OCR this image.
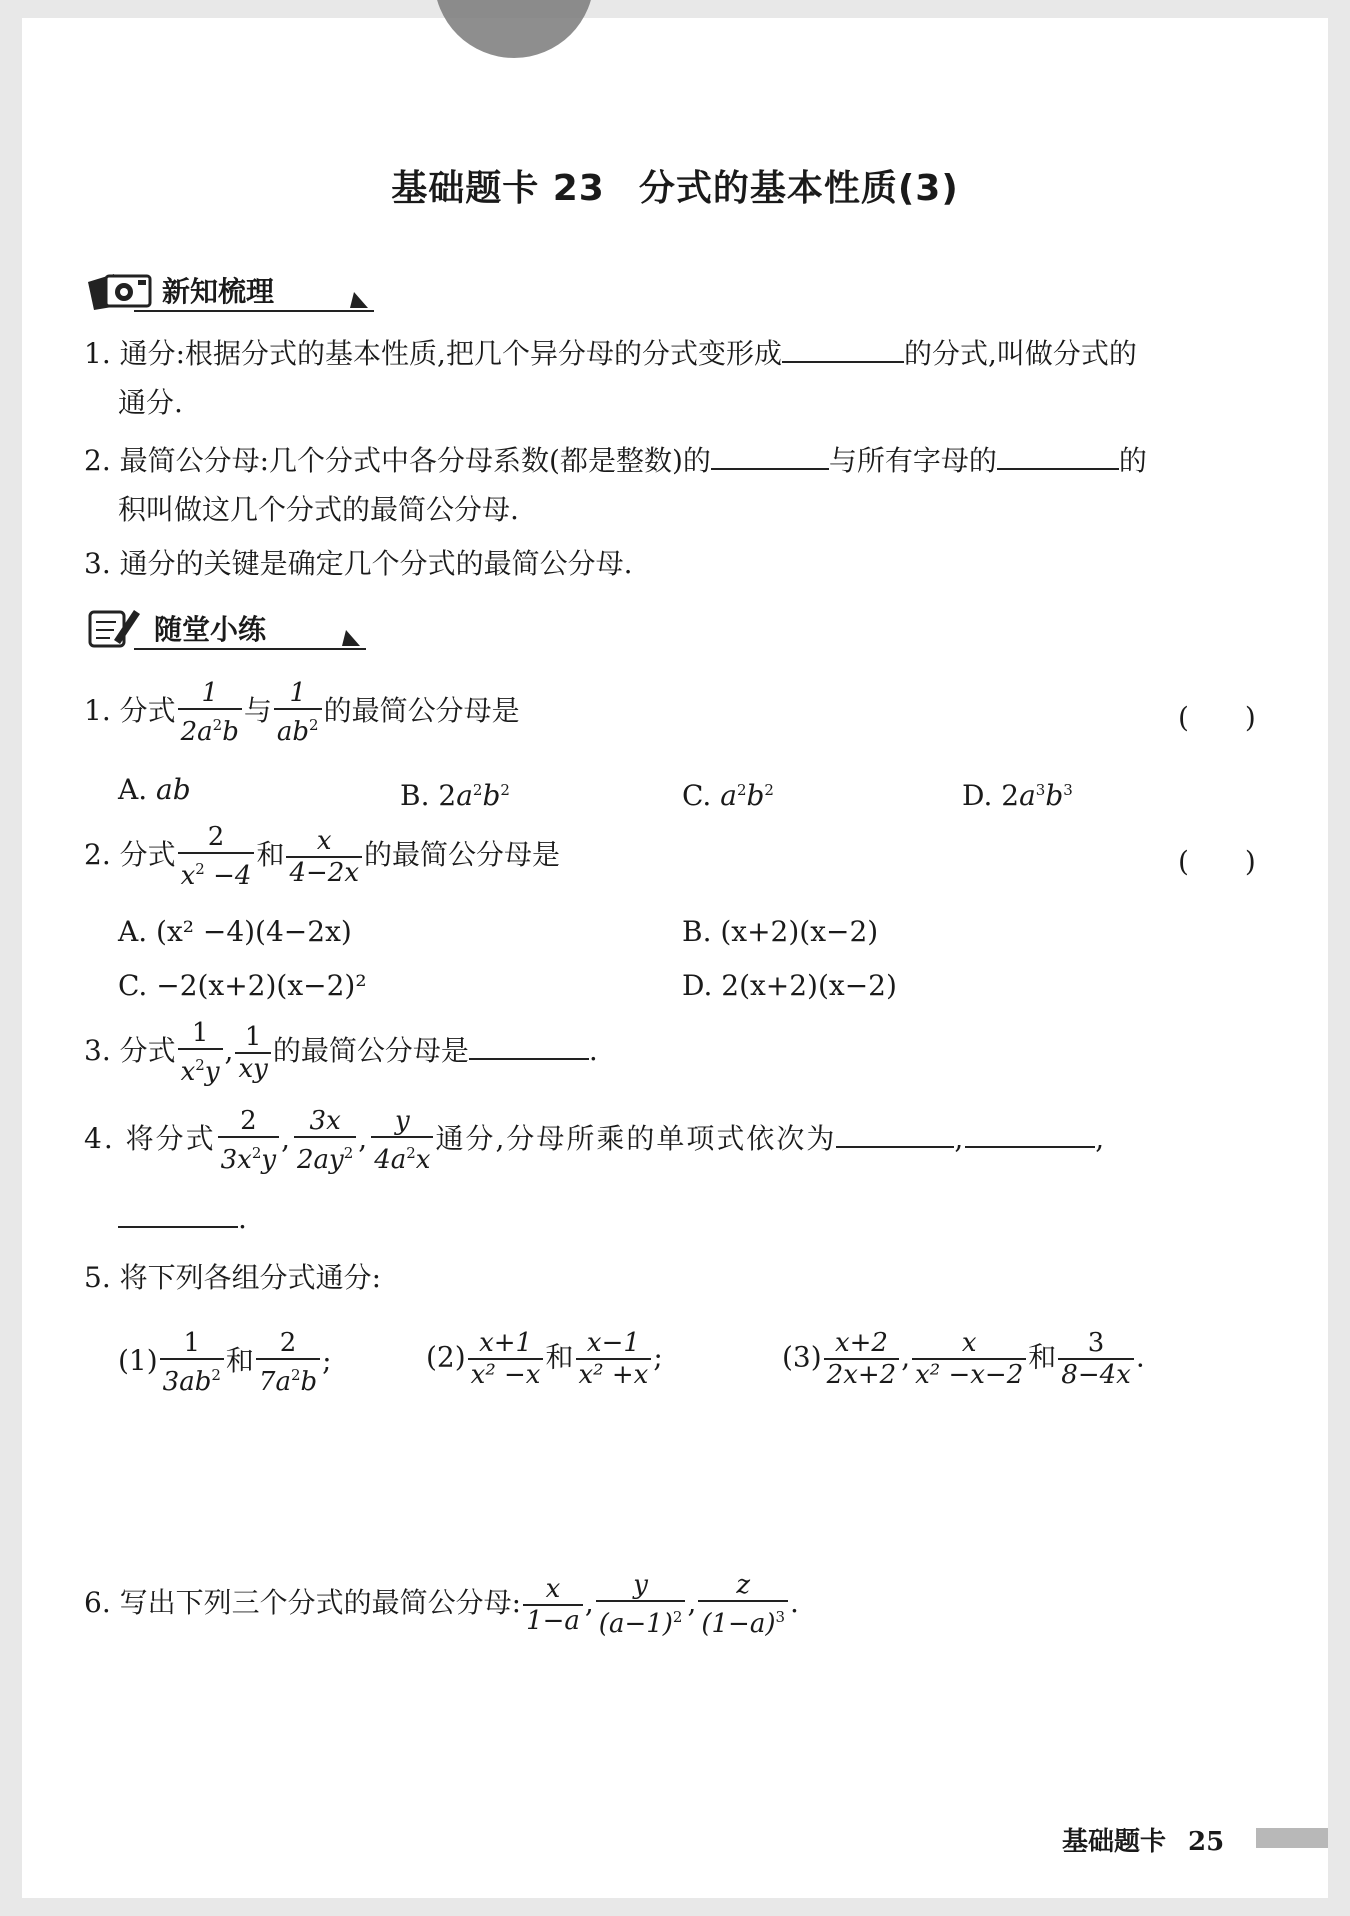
基础题卡 23 分式的基本性质(3)
新知梳理
1. 通分:根据分式的基本性质,把几个异分母的分式变形成	的分式,叫做分式的
通分.
2. 最简公分母:几个分式中各分母系数(都是整数)的	与所有字母的	的
积叫做这几个分式的最简公分母.
3. 通分的关键是确定几个分式的最简公分母.
随堂小练
1. 分式 $\frac{1}{2a^2b}$ 与 $\frac{1}{ab^2}$ 的最简公分母是	(　　)
A. ab	B. $2a^2b^2$	C. $a^2b^2$	D. $2a^3b^3$
2. 分式 $\frac{2}{x^2 -4}$ 和 $\frac{x}{4-2x}$ 的最简公分母是	(　　)
A. (x² −4)(4−2x)	B. (x+2)(x−2)
C. −2(x+2)(x−2)²	D. 2(x+2)(x−2)
3. 分式 $\frac{1}{x^2y}$ , $\frac{1}{xy}$ 的最简公分母是	.
4. 将分式 $\frac{2}{3x^2y}$ , $\frac{3x}{2ay^2}$ , $\frac{y}{4a^2x}$ 通分,分母所乘的单项式依次为	,	,
.
5. 将下列各组分式通分:
$(1) \frac{1}{3ab^2}$ 和 $\frac{2}{7a^2b}$ ;	$(2) \frac{x+1}{\text{x² −x}}$ 和 $\frac{x-1}{\text{x² +x}}$ ;	$(3) \frac{x+2}{2x+2}$ , $\frac{x}{\text{x² −x−2}}$ 和 $\frac{3}{8-4x}$ .
6. 写出下列三个分式的最简公分母: $\frac{x}{1-a}$ , $\frac{y}{(a-1)^2}$ , $\frac{z}{(1-a)^3}$ .
基础题卡 25
